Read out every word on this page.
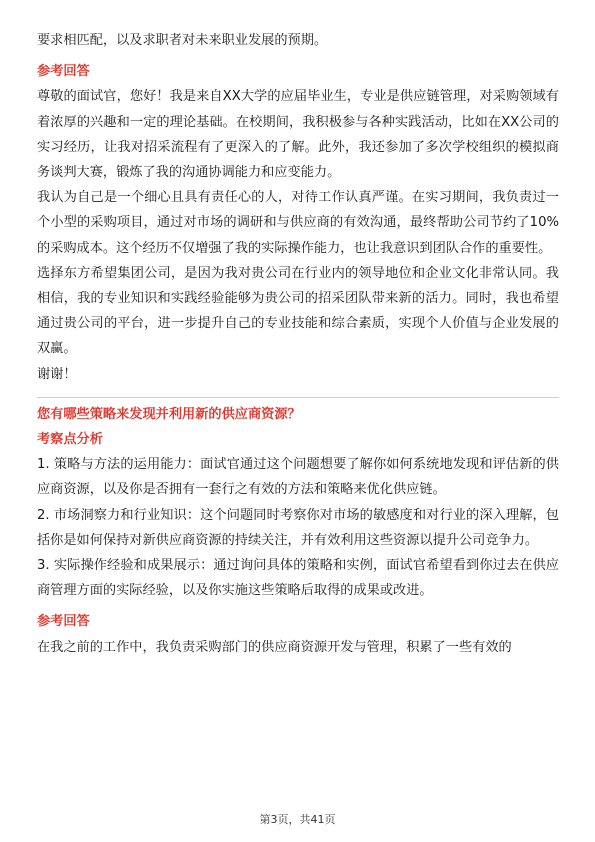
要求相匹配，以及求职者对未来职业发展的预期。

参考回答

尊敬的面试官，您好！我是来自XX大学的应届毕业生，专业是供应链管理，对采购领域有着浓厚的兴趣和一定的理论基础。在校期间，我积极参与各种实践活动，比如在XX公司的实习经历，让我对招采流程有了更深入的了解。此外，我还参加了多次学校组织的模拟商务谈判大赛，锻炼了我的沟通协调能力和应变能力。

我认为自己是一个细心且具有责任心的人，对待工作认真严谨。在实习期间，我负责过一个小型的采购项目，通过对市场的调研和与供应商的有效沟通，最终帮助公司节约了10%的采购成本。这个经历不仅增强了我的实际操作能力，也让我意识到团队合作的重要性。

选择东方希望集团公司，是因为我对贵公司在行业内的领导地位和企业文化非常认同。我相信，我的专业知识和实践经验能够为贵公司的招采团队带来新的活力。同时，我也希望通过贵公司的平台，进一步提升自己的专业技能和综合素质，实现个人价值与企业发展的双赢。

谢谢！

您有哪些策略来发现并利用新的供应商资源？

考察点分析

1. 策略与方法的运用能力：面试官通过这个问题想要了解你如何系统地发现和评估新的供应商资源，以及你是否拥有一套行之有效的方法和策略来优化供应链。

2. 市场洞察力和行业知识：这个问题同时考察你对市场的敏感度和对行业的深入理解，包括你是如何保持对新供应商资源的持续关注，并有效利用这些资源以提升公司竞争力。

3. 实际操作经验和成果展示：通过询问具体的策略和实例，面试官希望看到你过去在供应商管理方面的实际经验，以及你实施这些策略后取得的成果或改进。

参考回答

在我之前的工作中，我负责采购部门的供应商资源开发与管理，积累了一些有效的

第3页，共41页
